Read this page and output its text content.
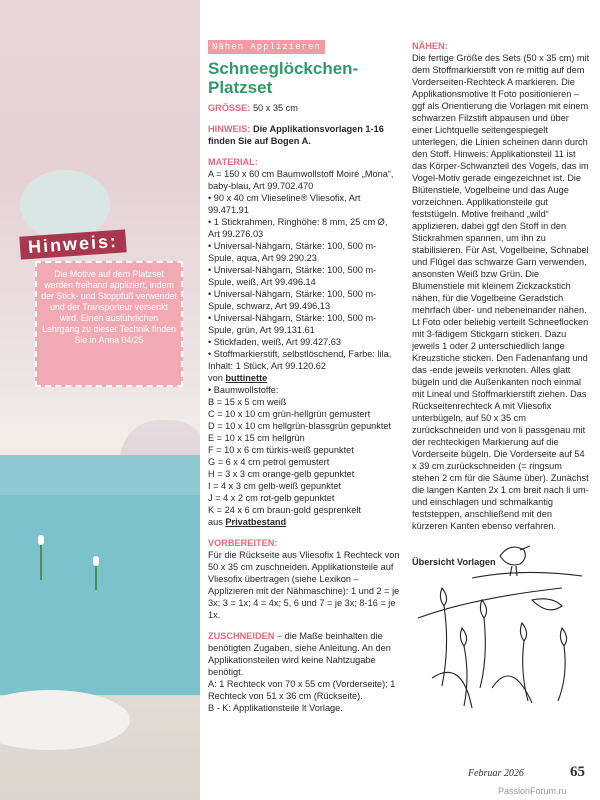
Hinweis:
Die Motive auf dem Platzset werden freihand appliziert, indem der Stick- und Stoppfuß verwendet und der Transporteur versenkt wird. Einen ausführlichen Lehrgang zu dieser Technik finden Sie in Anna 04/25
Nähen Applizieren
Schneeglöckchen-
Platzset

GRÖSSE: 50 x 35 cm

HINWEIS: Die Applikationsvorlagen 1-16 finden Sie auf Bogen A.

MATERIAL:

A = 150 x 60 cm Baumwollstoff Moiré „Mona“, baby-blau, Art 99.702.470

• 90 x 40 cm Vlieseline® Vliesofix, Art 99.471.91

• 1 Stickrahmen, Ringhöhe: 8 mm, 25 cm Ø, Art 99.276.03

• Universal-Nähgarn, Stärke: 100, 500 m-Spule, aqua, Art 99.290.23

• Universal-Nähgarn, Stärke: 100, 500 m-Spule, weiß, Art 99.496.14

• Universal-Nähgarn, Stärke: 100, 500 m-Spule, schwarz, Art 99.496.13

• Universal-Nähgarn, Stärke: 100, 500 m-Spule, grün, Art 99.131.61

• Stickfaden, weiß, Art 99.427.63

• Stoffmarkierstift, selbstlöschend, Farbe: lila, Inhalt: 1 Stück, Art 99.120.62

von buttinette

• Baumwollstoffe:

B = 15 x 5 cm weiß

C = 10 x 10 cm grün-hellgrün gemustert

D = 10 x 10 cm hellgrün-blassgrün gepunktet

E = 10 x 15 cm hellgrün

F = 10 x 6 cm türkis-weiß gepunktet

G = 6 x 4 cm petrol gemustert

H = 3 x 3 cm orange-gelb gepunktet

I = 4 x 3 cm gelb-weiß gepunktet

J = 4 x 2 cm rot-gelb gepunktet

K = 24 x 6 cm braun-gold gesprenkelt

aus Privatbestand

VORBEREITEN:

Für die Rückseite aus Vliesofix 1 Rechteck von 50 x 35 cm zuschneiden. Applikationsteile auf Vliesofix übertragen (siehe Lexikon – Applizieren mit der Nähmaschine): 1 und 2 = je 3x; 3 = 1x; 4 = 4x; 5, 6 und 7 = je 3x; 8-16 = je 1x.

ZUSCHNEIDEN – die Maße beinhalten die benötigten Zugaben, siehe Anleitung. An den Applikationsteilen wird keine Nahtzugabe benötigt.

A: 1 Rechteck von 70 x 55 cm (Vorderseite); 1 Rechteck von 51 x 36 cm (Rückseite).

B - K: Applikationsteile lt Vorlage.

NÄHEN:

Die fertige Größe des Sets (50 x 35 cm) mit dem Stoffmarkierstift von re mittig auf dem Vorderseiten-Rechteck A markieren. Die Applikationsmotive lt Foto positionieren – ggf als Orientierung die Vorlagen mit einem schwarzen Filzstift abpausen und über einer Lichtquelle seitengespiegelt unterlegen, die Linien scheinen dann durch den Stoff. Hinweis: Applikationsteil 11 ist das Körper-Schwanzteil des Vogels, das im Vogel-Motiv gerade eingezeichnet ist. Die Blütenstiele, Vogelbeine und das Auge vorzeichnen. Applikationsteile gut feststügeln. Motive freihand „wild“ applizieren, dabei ggf den Stoff in den Stickrahmen spannen, um ihn zu stabilisieren. Für Ast, Vogelbeine, Schnabel und Flügel das schwarze Garn verwenden, ansonsten Weiß bzw Grün. Die Blumenstiele mit kleinem Zickzackstich nähen, für die Vogelbeine Geradstich mehrfach über- und nebeneinander nähen. Lt Foto oder beliebig verteilt Schneeflocken mit 3-fädigem Stickgarn sticken. Dazu jeweils 1 oder 2 unterschiedlich lange Kreuzstiche sticken. Den Fadenanfang und das -ende jeweils verknoten. Alles glatt bügeln und die Außenkanten noch einmal mit Lineal und Stoffmarkierstift ziehen. Das Rückseitenrechteck A mit Vliesofix unterbügeln, auf 50 x 35 cm zurückschneiden und von li passgenau mit der rechteckigen Markierung auf die Vorderseite bügeln. Die Vorderseite auf 54 x 39 cm zurückschneiden (= ringsum stehen 2 cm für die Säume über). Zunächst die langen Kanten 2x 1 cm breit nach li um- und einschlagen und schmalkantig feststeppen, anschließend mit den kürzeren Kanten ebenso verfahren.

Übersicht Vorlagen

Februar 2026	65
PassionForum.ru
